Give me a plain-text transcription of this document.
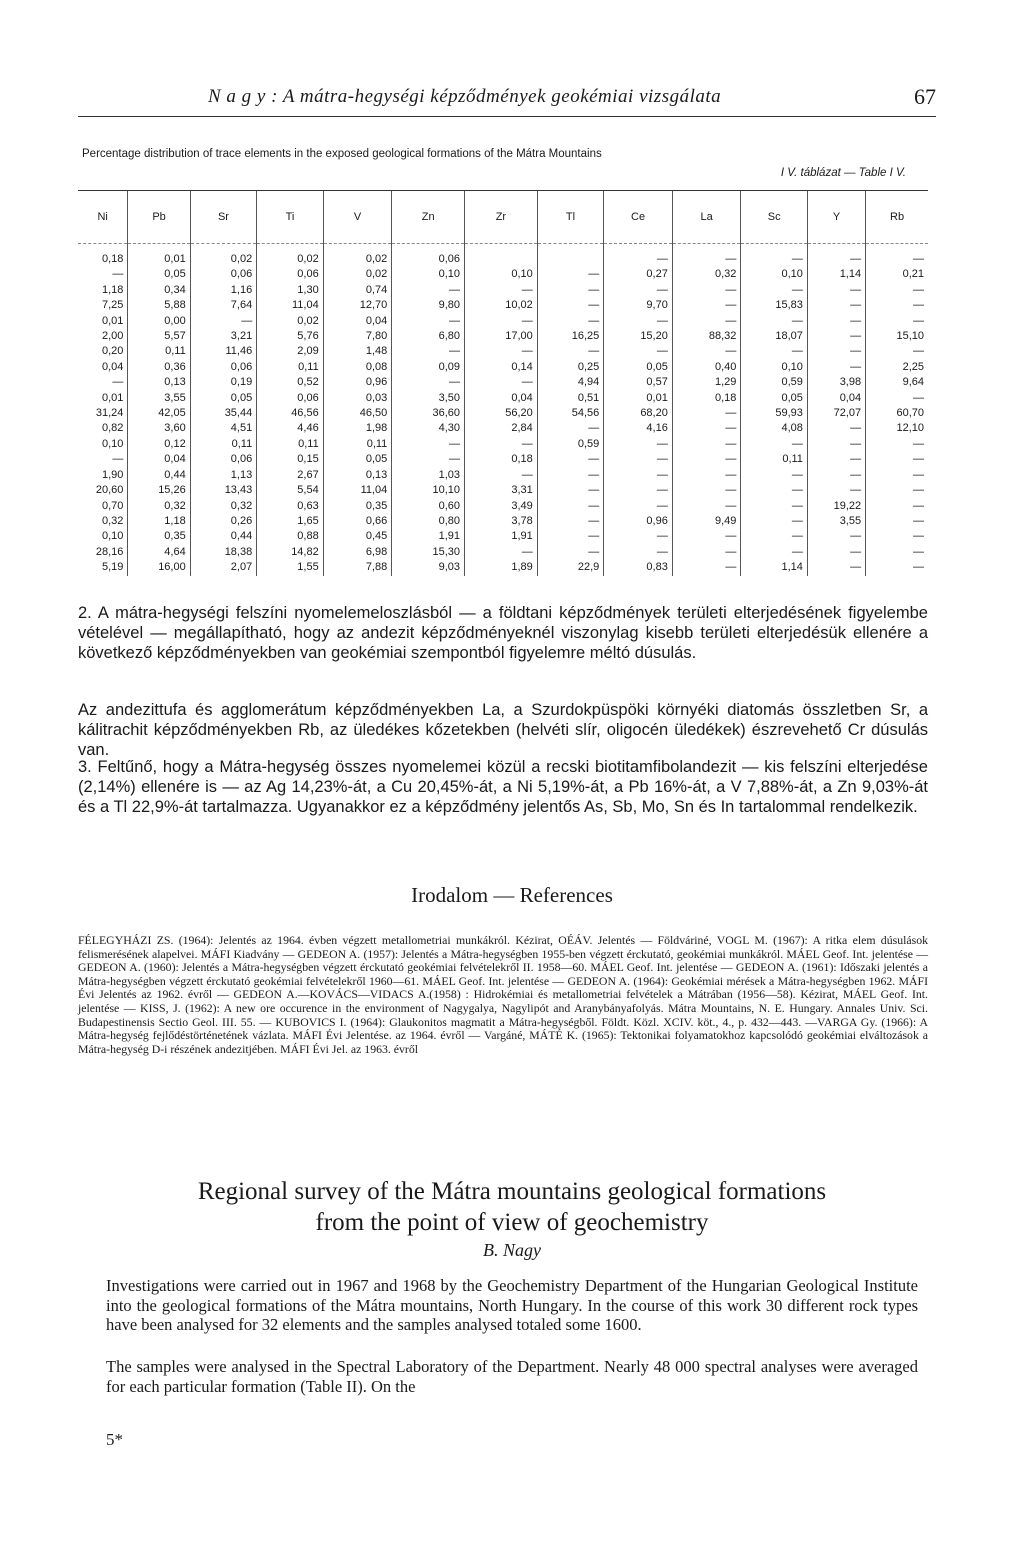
N a g y : A mátra-hegységi képződmények geokémiai vizsgálata	67
Percentage distribution of trace elements in the exposed geological formations of the Mátra Mountains
I V. táblázat — Table I V.
Ni	Pb	Sr	Ti	V	Zn	Zr	Tl	Ce	La	Sc	Y	Rb
0,18	0,01	0,02	0,02	0,02	0,06			—	—	—	—	—
—	0,05	0,06	0,06	0,02	0,10	0,10	—	0,27	0,32	0,10	1,14	0,21
1,18	0,34	1,16	1,30	0,74	—	—	—	—	—	—	—	—
7,25	5,88	7,64	11,04	12,70	9,80	10,02	—	9,70	—	15,83	—	—
0,01	0,00	—	0,02	0,04	—	—	—	—	—	—	—	—
2,00	5,57	3,21	5,76	7,80	6,80	17,00	16,25	15,20	88,32	18,07	—	15,10
0,20	0,11	11,46	2,09	1,48	—	—	—	—	—	—	—	—
0,04	0,36	0,06	0,11	0,08	0,09	0,14	0,25	0,05	0,40	0,10	—	2,25
—	0,13	0,19	0,52	0,96	—	—	4,94	0,57	1,29	0,59	3,98	9,64
0,01	3,55	0,05	0,06	0,03	3,50	0,04	0,51	0,01	0,18	0,05	0,04	—
31,24	42,05	35,44	46,56	46,50	36,60	56,20	54,56	68,20	—	59,93	72,07	60,70
0,82	3,60	4,51	4,46	1,98	4,30	2,84	—	4,16	—	4,08	—	12,10
0,10	0,12	0,11	0,11	0,11	—	—	0,59	—	—	—	—	—
—	0,04	0,06	0,15	0,05	—	0,18	—	—	—	0,11	—	—
1,90	0,44	1,13	2,67	0,13	1,03	—	—	—	—	—	—	—
20,60	15,26	13,43	5,54	11,04	10,10	3,31	—	—	—	—	—	—
0,70	0,32	0,32	0,63	0,35	0,60	3,49	—	—	—	—	19,22	—
0,32	1,18	0,26	1,65	0,66	0,80	3,78	—	0,96	9,49	—	3,55	—
0,10	0,35	0,44	0,88	0,45	1,91	1,91	—	—	—	—	—	—
28,16	4,64	18,38	14,82	6,98	15,30	—	—	—	—	—	—	—
5,19	16,00	2,07	1,55	7,88	9,03	1,89	22,9	0,83	—	1,14	—	—

2. A mátra-hegységi felszíni nyomelemeloszlásból — a földtani képződmények területi elterjedésének figyelembe vételével — megállapítható, hogy az andezit képződményeknél viszonylag kisebb területi elterjedésük ellenére a következő képződményekben van geokémiai szempontból figyelemre méltó dúsulás.

Az andezittufa és agglomerátum képződményekben La, a Szurdokpüspöki környéki diatomás összletben Sr, a kálitrachit képződményekben Rb, az üledékes kőzetekben (helvéti slír, oligocén üledékek) észrevehető Cr dúsulás van.

3. Feltűnő, hogy a Mátra-hegység összes nyomelemei közül a recski biotitamfibolandezit — kis felszíni elterjedése (2,14%) ellenére is — az Ag 14,23%-át, a Cu 20,45%-át, a Ni 5,19%-át, a Pb 16%-át, a V 7,88%-át, a Zn 9,03%-át és a Tl 22,9%-át tartalmazza. Ugyanakkor ez a képződmény jelentős As, Sb, Mo, Sn és In tartalommal rendelkezik.

Irodalom — References

FÉLEGYHÁZI ZS. (1964): Jelentés az 1964. évben végzett metallometriai munkákról. Kézirat, OÉÁV. Jelentés — Földváriné, VOGL M. (1967): A ritka elem dúsulások felismerésének alapelvei. MÁFI Kiadvány — GEDEON A. (1957): Jelentés a Mátra-hegységben 1955-ben végzett érckutató, geokémiai munkákról. MÁEL Geof. Int. jelentése — GEDEON A. (1960): Jelentés a Mátra-hegységben végzett érckutató geokémiai felvételekről II. 1958—60. MÁEL Geof. Int. jelentése — GEDEON A. (1961): Időszaki jelentés a Mátra-hegységben végzett érckutató geokémiai felvételekről 1960—61. MÁEL Geof. Int. jelentése — GEDEON A. (1964): Geokémiai mérések a Mátra-hegységben 1962. MÁFI Évi Jelentés az 1962. évről — GEDEON A.—KOVÁCS—VIDACS A.(1958) : Hidrokémiai és metallometriai felvételek a Mátrában (1956—58). Kézirat, MÁEL Geof. Int. jelentése — KISS, J. (1962): A new ore occurence in the environment of Nagygalya, Nagylipót and Aranybányafolyás. Mátra Mountains, N. E. Hungary. Annales Univ. Sci. Budapestinensis Sectio Geol. III. 55. — KUBOVICS I. (1964): Glaukonitos magmatit a Mátra-hegységből. Földt. Közl. XCIV. köt., 4., p. 432—443. —VARGA Gy. (1966): A Mátra-hegység fejlődéstörténetének vázlata. MÁFI Évi Jelentése. az 1964. évről — Vargáné, MÁTÉ K. (1965): Tektonikai folyamatokhoz kapcsolódó geokémiai elváltozások a Mátra-hegység D-i részének andezitjében. MÁFI Évi Jel. az 1963. évről

Regional survey of the Mátra mountains geological formations
from the point of view of geochemistry
B. Nagy

Investigations were carried out in 1967 and 1968 by the Geochemistry Department of the Hungarian Geological Institute into the geological formations of the Mátra mountains, North Hungary. In the course of this work 30 different rock types have been analysed for 32 elements and the samples analysed totaled some 1600.

The samples were analysed in the Spectral Laboratory of the Department. Nearly 48 000 spectral analyses were averaged for each particular formation (Table II). On the

5*
